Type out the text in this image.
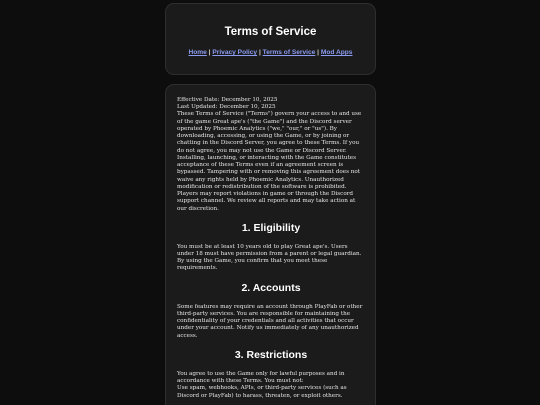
Terms of Service
Home | Privacy Policy | Terms of Service | Mod Apps
Effective Date: December 10, 2025
Last Updated: December 10, 2025
These Terms of Service ("Terms") govern your access to and use of the game Great ape's ("the Game") and the Discord server operated by Phoemic Analytics ("we," "our," or "us"). By downloading, accessing, or using the Game, or by joining or chatting in the Discord Server, you agree to these Terms. If you do not agree, you may not use the Game or Discord Server.
Installing, launching, or interacting with the Game constitutes acceptance of these Terms even if an agreement screen is bypassed. Tampering with or removing this agreement does not waive any rights held by Phoemic Analytics. Unauthorized modification or redistribution of the software is prohibited.
Players may report violations in game or through the Discord support channel. We review all reports and may take action at our discretion.
1. Eligibility
You must be at least 10 years old to play Great ape's. Users under 18 must have permission from a parent or legal guardian. By using the Game, you confirm that you meet these requirements.
2. Accounts
Some features may require an account through PlayFab or other third-party services. You are responsible for maintaining the confidentiality of your credentials and all activities that occur under your account. Notify us immediately of any unauthorized access.
3. Restrictions
You agree to use the Game only for lawful purposes and in accordance with these Terms. You must not:
Use spam, webhooks, APIs, or third-party services (such as Discord or PlayFab) to harass, threaten, or exploit others.
